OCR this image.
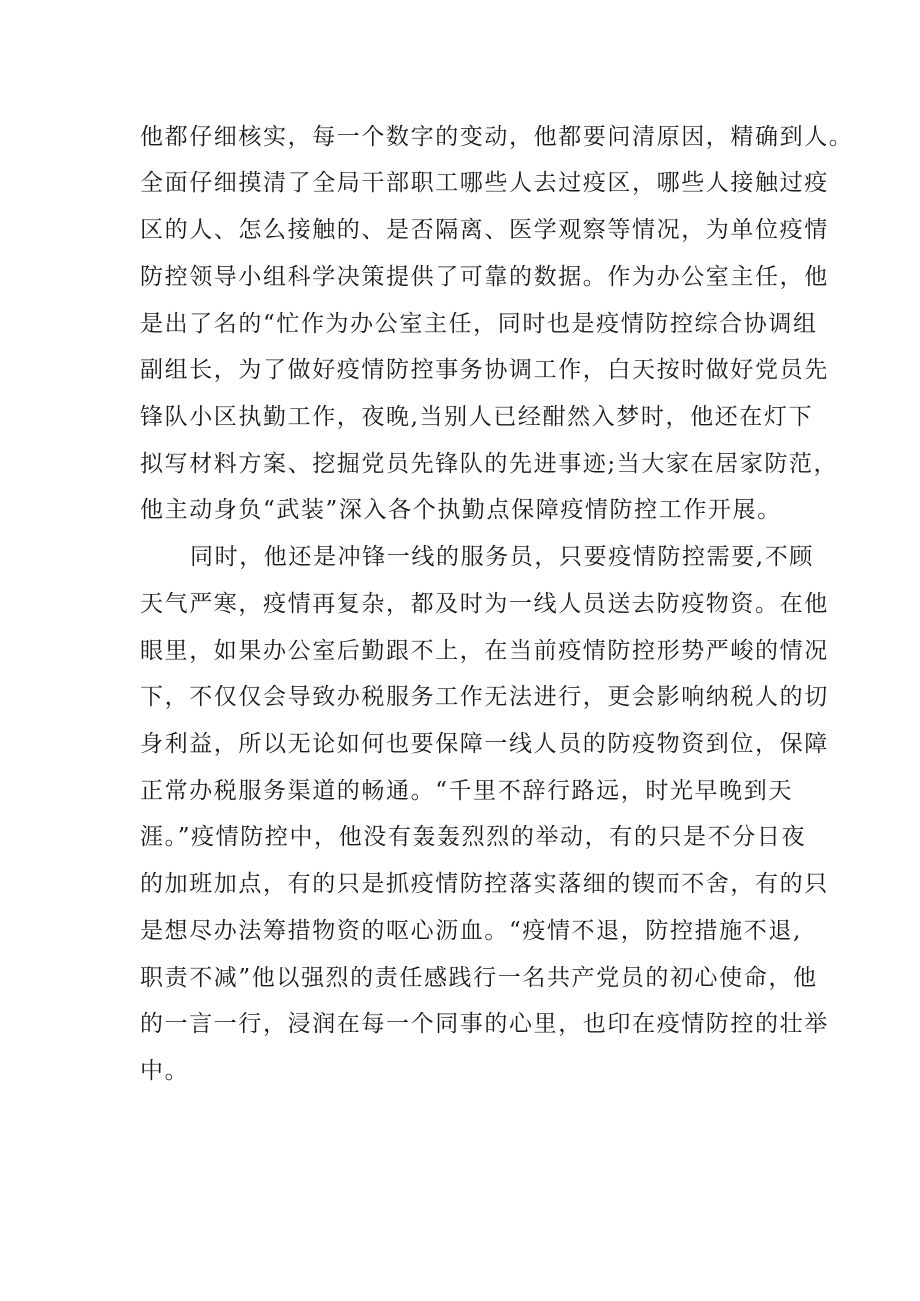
他都仔细核实，每一个数字的变动，他都要问清原因，精确到人。
全面仔细摸清了全局干部职工哪些人去过疫区，哪些人接触过疫
区的人、怎么接触的、是否隔离、医学观察等情况，为单位疫情
防控领导小组科学决策提供了可靠的数据。作为办公室主任，他
是出了名的“忙作为办公室主任，同时也是疫情防控综合协调组
副组长，为了做好疫情防控事务协调工作，白天按时做好党员先
锋队小区执勤工作，夜晚,当别人已经酣然入梦时，他还在灯下
拟写材料方案、挖掘党员先锋队的先进事迹;当大家在居家防范，
他主动身负“武装”深入各个执勤点保障疫情防控工作开展。
同时，他还是冲锋一线的服务员，只要疫情防控需要,不顾
天气严寒，疫情再复杂，都及时为一线人员送去防疫物资。在他
眼里，如果办公室后勤跟不上，在当前疫情防控形势严峻的情况
下，不仅仅会导致办税服务工作无法进行，更会影响纳税人的切
身利益，所以无论如何也要保障一线人员的防疫物资到位，保障
正常办税服务渠道的畅通。“千里不辞行路远，时光早晚到天
涯。”疫情防控中，他没有轰轰烈烈的举动，有的只是不分日夜
的加班加点，有的只是抓疫情防控落实落细的锲而不舍，有的只
是想尽办法筹措物资的呕心沥血。“疫情不退，防控措施不退,
职责不减”他以强烈的责任感践行一名共产党员的初心使命，他
的一言一行，浸润在每一个同事的心里，也印在疫情防控的壮举
中。
